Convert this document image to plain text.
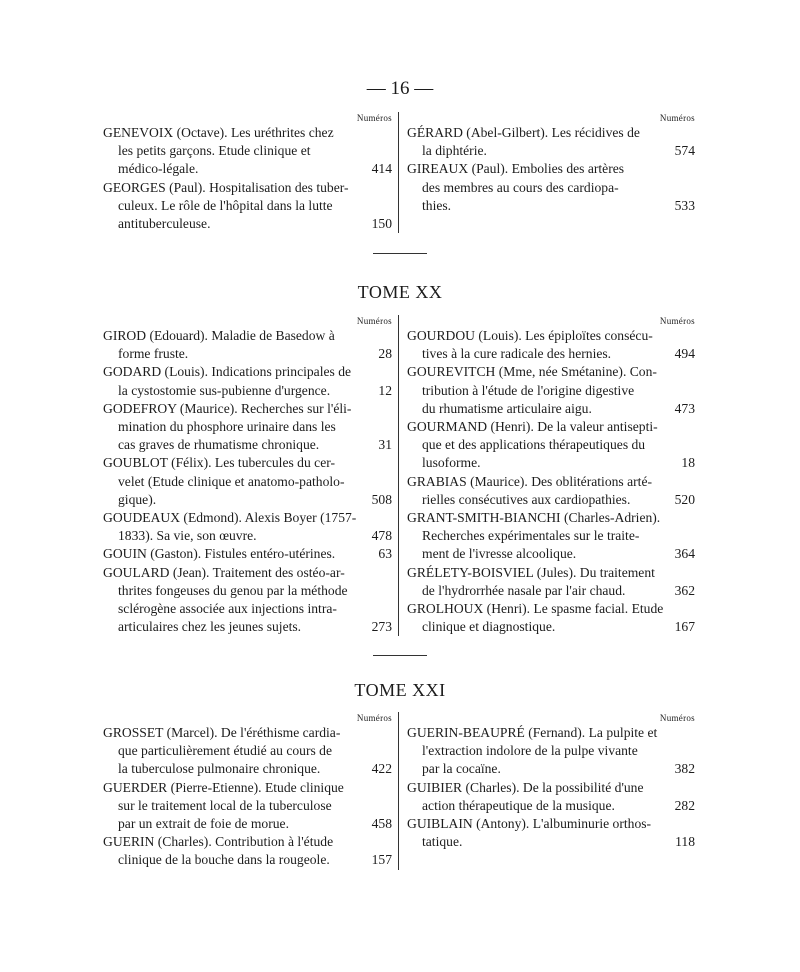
— 16 —
Numéros
GENEVOIX (Octave). Les uréthrites chez
les petits garçons. Etude clinique et
médico-légale.	414
GEORGES (Paul). Hospitalisation des tuber-
culeux. Le rôle de l'hôpital dans la lutte
antituberculeuse.	150
Numéros
GÉRARD (Abel-Gilbert). Les récidives de
la diphtérie.	574
GIREAUX (Paul). Embolies des artères
des membres au cours des cardiopa-
thies.	533
TOME XX
Numéros
GIROD (Edouard). Maladie de Basedow à
forme fruste.	28
GODARD (Louis). Indications principales de
la cystostomie sus-pubienne d'urgence.	12
GODEFROY (Maurice). Recherches sur l'éli-
mination du phosphore urinaire dans les
cas graves de rhumatisme chronique.	31
GOUBLOT (Félix). Les tubercules du cer-
velet (Etude clinique et anatomo-patholo-
gique).	508
GOUDEAUX (Edmond). Alexis Boyer (1757-
1833). Sa vie, son œuvre.	478
GOUIN (Gaston). Fistules entéro-utérines.	63
GOULARD (Jean). Traitement des ostéo-ar-
thrites fongeuses du genou par la méthode
sclérogène associée aux injections intra-
articulaires chez les jeunes sujets.	273
Numéros
GOURDOU (Louis). Les épiploïtes consécu-
tives à la cure radicale des hernies.	494
GOUREVITCH (Mme, née Smétanine). Con-
tribution à l'étude de l'origine digestive
du rhumatisme articulaire aigu.	473
GOURMAND (Henri). De la valeur antisepti-
que et des applications thérapeutiques du
lusoforme.	18
GRABIAS (Maurice). Des oblitérations arté-
rielles consécutives aux cardiopathies.	520
GRANT-SMITH-BIANCHI (Charles-Adrien).
Recherches expérimentales sur le traite-
ment de l'ivresse alcoolique.	364
GRÉLETY-BOISVIEL (Jules). Du traitement
de l'hydrorrhée nasale par l'air chaud.	362
GROLHOUX (Henri). Le spasme facial. Etude
clinique et diagnostique.	167
TOME XXI
Numéros
GROSSET (Marcel). De l'éréthisme cardia-
que particulièrement étudié au cours de
la tuberculose pulmonaire chronique.	422
GUERDER (Pierre-Etienne). Etude clinique
sur le traitement local de la tuberculose
par un extrait de foie de morue.	458
GUERIN (Charles). Contribution à l'étude
clinique de la bouche dans la rougeole.	157
Numéros
GUERIN-BEAUPRÉ (Fernand). La pulpite et
l'extraction indolore de la pulpe vivante
par la cocaïne.	382
GUIBIER (Charles). De la possibilité d'une
action thérapeutique de la musique.	282
GUIBLAIN (Antony). L'albuminurie orthos-
tatique.	118
